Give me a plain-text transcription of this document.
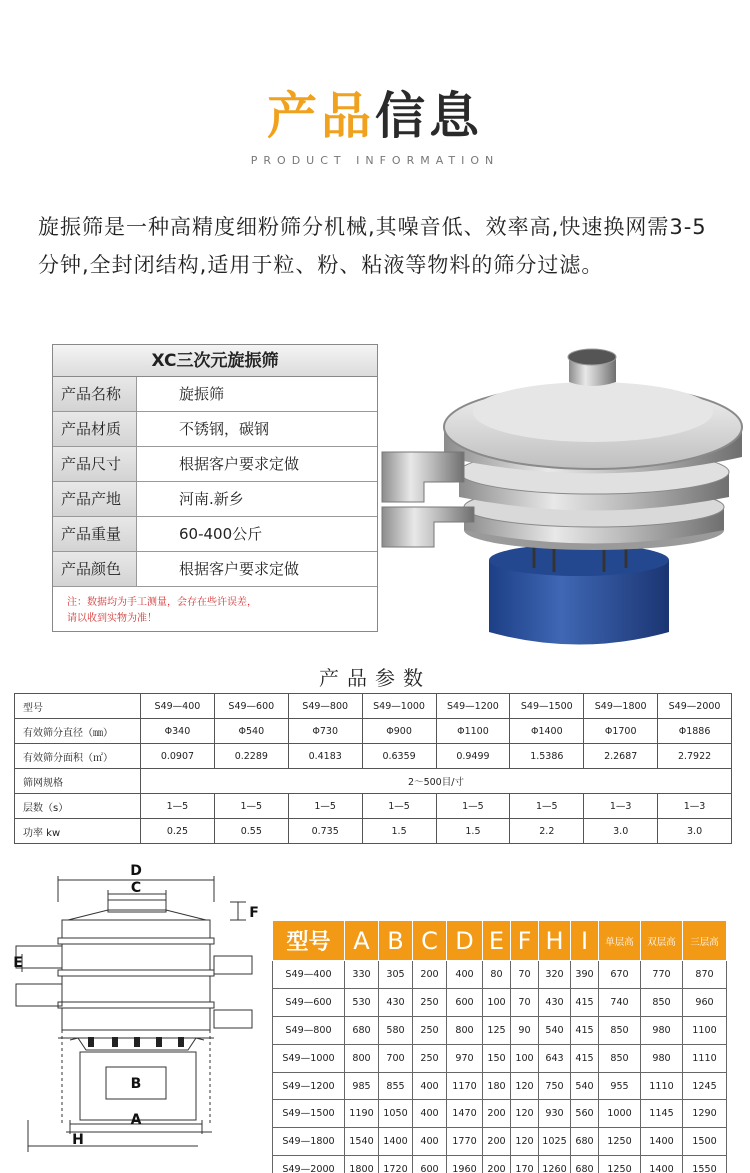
产品信息
PRODUCT INFORMATION

旋振筛是一种高精度细粉筛分机械,其噪音低、效率高,快速换网需3-5分钟,全封闭结构,适用于粒、粉、粘液等物料的筛分过滤。

XC三次元旋振筛
产品名称	旋振筛
产品材质	不锈钢，碳钢
产品尺寸	根据客户要求定做
产品产地	河南.新乡
产品重量	60-400公斤
产品颜色	根据客户要求定做
注：数据均为手工测量，会存在些许误差，
请以收到实物为准！
产品参数
型号	S49—400	S49—600	S49—800	S49—1000	S49—1200	S49—1500	S49—1800	S49—2000
有效筛分直径（㎜）	Φ340	Φ540	Φ730	Φ900	Φ1100	Φ1400	Φ1700	Φ1886
有效筛分面积（㎡）	0.0907	0.2289	0.4183	0.6359	0.9499	1.5386	2.2687	2.7922
筛网规格	2～500目/寸							
层数（s）	1—5	1—5	1—5	1—5	1—5	1—5	1—3	1—3
功率 kw	0.25	0.55	0.735	1.5	1.5	2.2	3.0	3.0
D
C
F
E
B
A
H
型号	A	B	C	D	E	F	H	I	单层高	双层高	三层高
S49—400	330	305	200	400	80	70	320	390	670	770	870
S49—600	530	430	250	600	100	70	430	415	740	850	960
S49—800	680	580	250	800	125	90	540	415	850	980	1100
S49—1000	800	700	250	970	150	100	643	415	850	980	1110
S49—1200	985	855	400	1170	180	120	750	540	955	1110	1245
S49—1500	1190	1050	400	1470	200	120	930	560	1000	1145	1290
S49—1800	1540	1400	400	1770	200	120	1025	680	1250	1400	1500
S49—2000	1800	1720	600	1960	200	170	1260	680	1250	1400	1550
